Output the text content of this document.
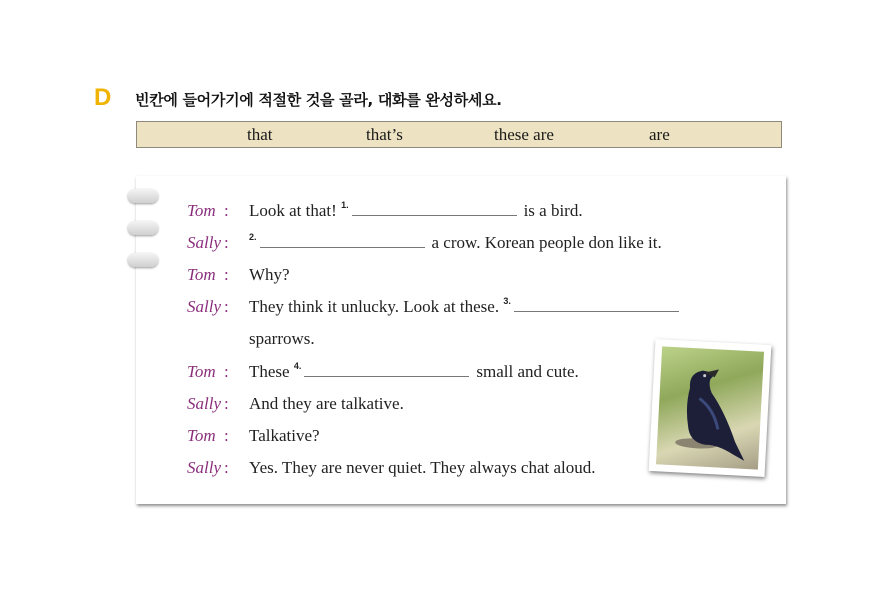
D 빈칸에 들어가기에 적절한 것을 골라, 대화를 완성하세요.
that	that’s	these are	are
Tom : Look at that! $^{1.}$	is a bird.
Sally : $^{2.}$	a crow. Korean people don like it.
Tom : Why?
Sally : They think it unlucky. Look at these. $^{3.}$
sparrows.
Tom : These $^{4.}$	small and cute.
Sally : And they are talkative.
Tom : Talkative?
Sally : Yes. They are never quiet. They always chat aloud.
